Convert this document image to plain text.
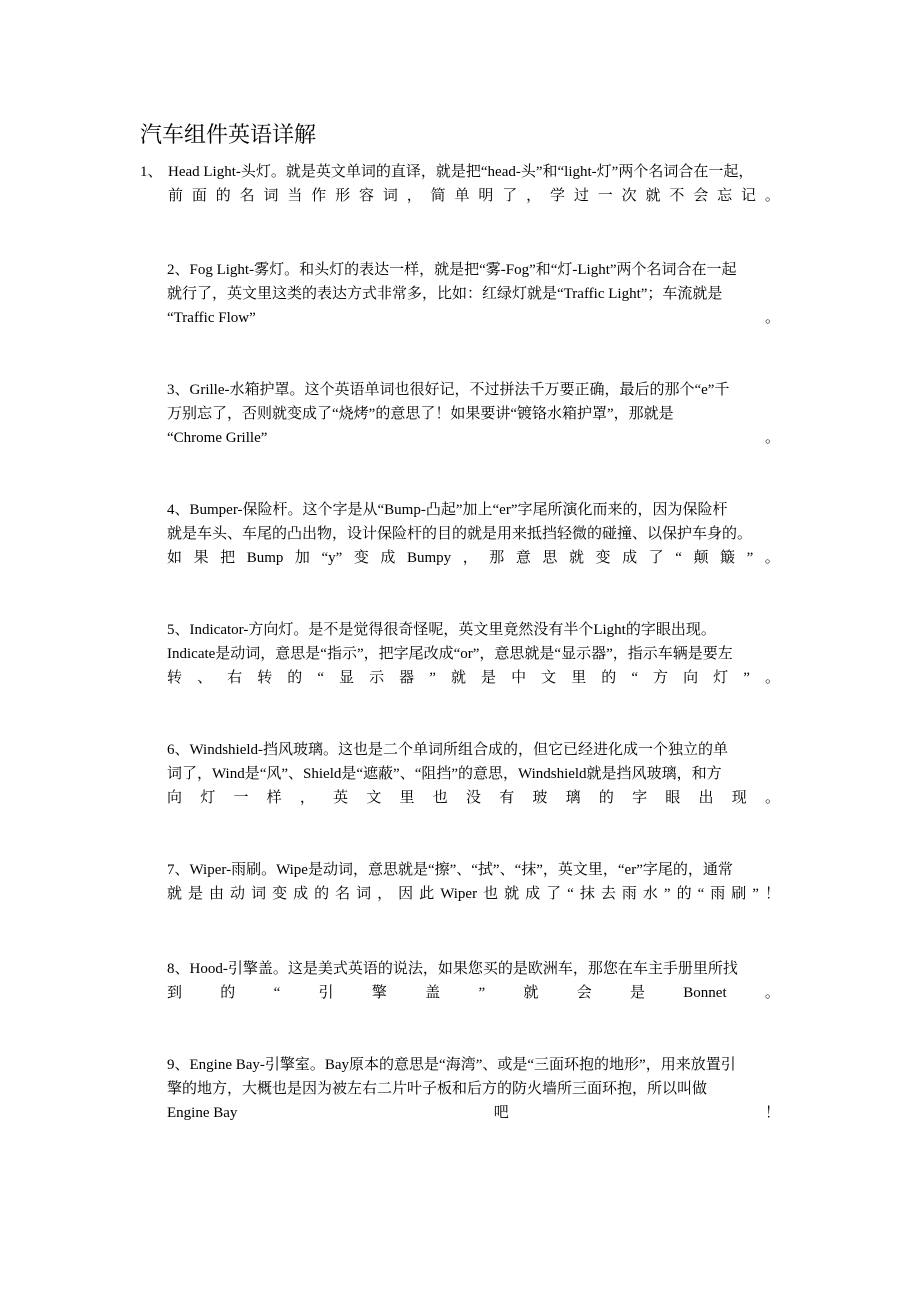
汽车组件英语详解
1、 Head Light-头灯。就是英文单词的直译，就是把“head-头”和“light-灯”两个名词合在一起，
前 面 的 名 词 当 作 形 容 词 ， 简 单 明 了 ， 学 过 一 次 就 不 会 忘 记 。
2、Fog Light-雾灯。和头灯的表达一样，就是把“雾-Fog”和“灯-Light”两个名词合在一起
就行了，英文里这类的表达方式非常多，比如：红绿灯就是“Traffic Light”；车流就是
“Traffic Flow”	。
3、Grille-水箱护罩。这个英语单词也很好记，不过拼法千万要正确，最后的那个“e”千
万别忘了，否则就变成了“烧烤”的意思了！如果要讲“镀铬水箱护罩”，那就是
“Chrome Grille”	。
4、Bumper-保险杆。这个字是从“Bump-凸起”加上“er”字尾所演化而来的，因为保险杆
就是车头、车尾的凸出物，设计保险杆的目的就是用来抵挡轻微的碰撞、以保护车身的。
如 果 把 Bump 加 “y” 变 成 Bumpy ， 那 意 思 就 变 成 了 “ 颠 簸 ” 。
5、Indicator-方向灯。是不是觉得很奇怪呢，英文里竟然没有半个Light的字眼出现。
Indicate是动词，意思是“指示”，把字尾改成“or”，意思就是“显示器”，指示车辆是要左
转 、 右 转 的 “ 显 示 器 ” 就 是 中 文 里 的 “ 方 向 灯 ” 。
6、Windshield-挡风玻璃。这也是二个单词所组合成的，但它已经进化成一个独立的单
词了，Wind是“风”、Shield是“遮蔽”、“阻挡”的意思，Windshield就是挡风玻璃，和方
向 灯 一 样 ， 英 文 里 也 没 有 玻 璃 的 字 眼 出 现 。
7、Wiper-雨刷。Wipe是动词，意思就是“擦”、“拭”、“抹”，英文里，“er”字尾的，通常
就 是 由 动 词 变 成 的 名 词 ， 因 此 Wiper 也 就 成 了 “ 抹 去 雨 水 ” 的 “ 雨 刷 ” ！
8、Hood-引擎盖。这是美式英语的说法，如果您买的是欧洲车，那您在车主手册里所找
到	的	“	引	擎	盖	”	就	会	是	Bonnet	。
9、Engine Bay-引擎室。Bay原本的意思是“海湾”、或是“三面环抱的地形”，用来放置引
擎的地方，大概也是因为被左右二片叶子板和后方的防火墙所三面环抱，所以叫做
Engine Bay	吧	！
